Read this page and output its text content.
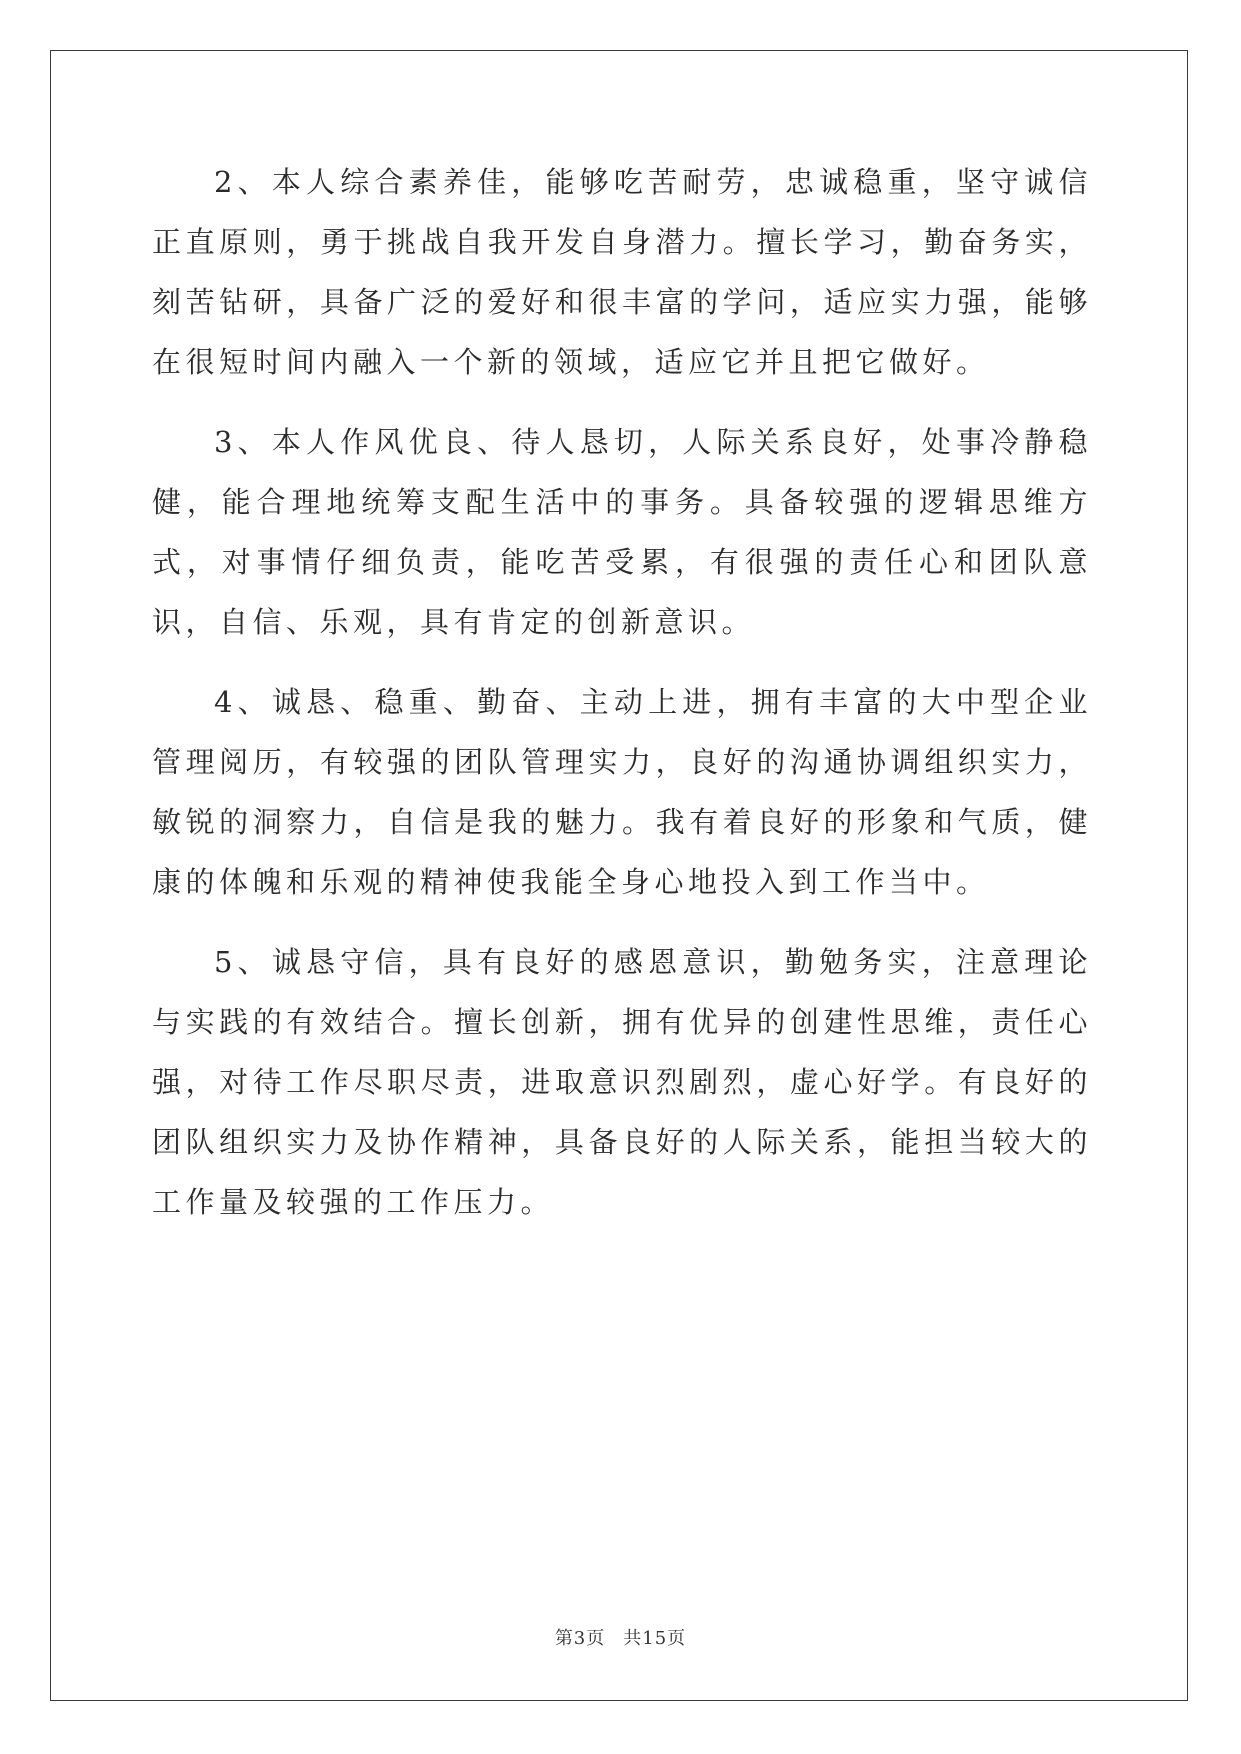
2、本人综合素养佳，能够吃苦耐劳，忠诚稳重，坚守诚信正直原则，勇于挑战自我开发自身潜力。擅长学习，勤奋务实，刻苦钻研，具备广泛的爱好和很丰富的学问，适应实力强，能够在很短时间内融入一个新的领域，适应它并且把它做好。

3、本人作风优良、待人恳切，人际关系良好，处事冷静稳健，能合理地统筹支配生活中的事务。具备较强的逻辑思维方式，对事情仔细负责，能吃苦受累，有很强的责任心和团队意识，自信、乐观，具有肯定的创新意识。

4、诚恳、稳重、勤奋、主动上进，拥有丰富的大中型企业管理阅历，有较强的团队管理实力，良好的沟通协调组织实力，敏锐的洞察力，自信是我的魅力。我有着良好的形象和气质，健康的体魄和乐观的精神使我能全身心地投入到工作当中。

5、诚恳守信，具有良好的感恩意识，勤勉务实，注意理论与实践的有效结合。擅长创新，拥有优异的创建性思维，责任心强，对待工作尽职尽责，进取意识烈剧烈，虚心好学。有良好的团队组织实力及协作精神，具备良好的人际关系，能担当较大的工作量及较强的工作压力。

第3页 共15页
